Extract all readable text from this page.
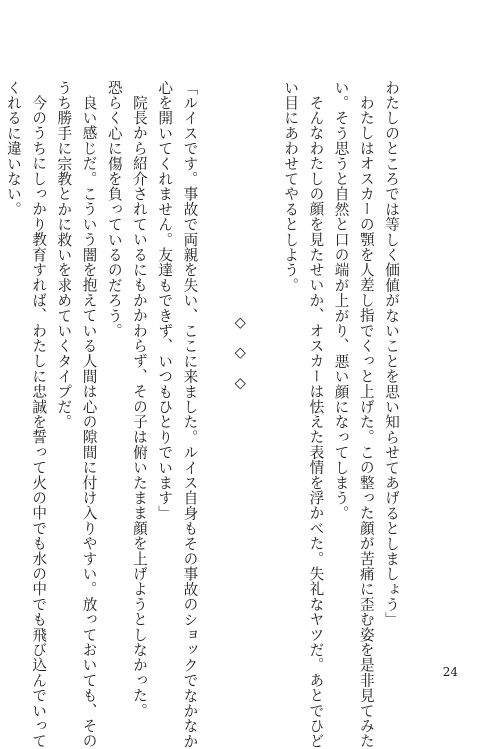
わたしのところでは等しく価値がないことを思い知らせてあげるとしましょう」

わたしはオスカーの顎を人差し指でくっと上げた。この整った顔が苦痛に歪む姿を是非見てみた

い。そう思うと自然と口の端が上がり、悪い顔になってしまう。

そんなわたしの顔を見たせいか、オスカーは怯えた表情を浮かべた。失礼なヤツだ。あとでひど

い目にあわせてやるとしよう。

◇◇◇

「ルイスです。事故で両親を失い、ここに来ました。ルイス自身もその事故のショックでなかなか

心を開いてくれません。友達もできず、いつもひとりでいます」

院長から紹介されているにもかかわらず、その子は俯いたまま顔を上げようとしなかった。

恐らく心に傷を負っているのだろう。

良い感じだ。こういう闇を抱えている人間は心の隙間に付け入りやすい。放っておいても、その

うち勝手に宗教とかに救いを求めていくタイプだ。

今のうちにしっかり教育すれば、わたしに忠誠を誓って火の中でも水の中でも飛び込んでいって

くれるに違いない。

24
